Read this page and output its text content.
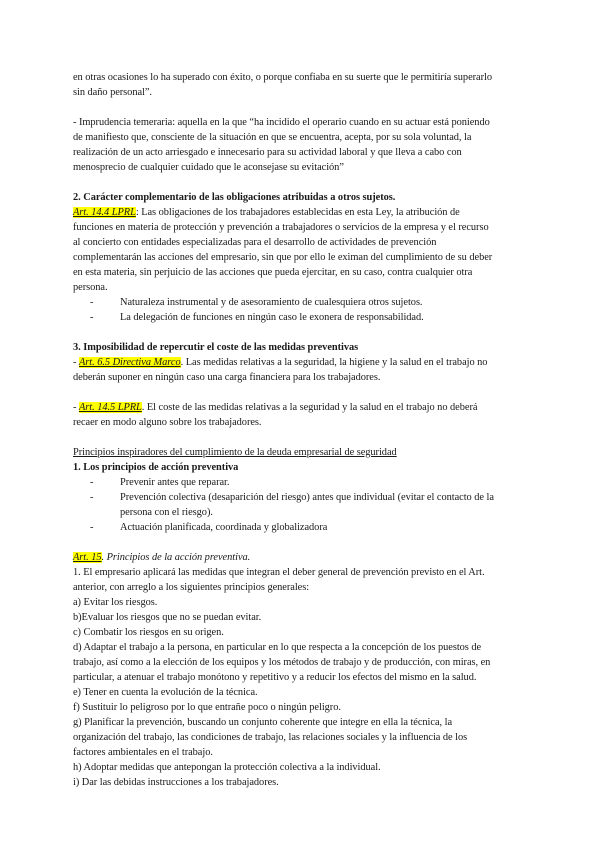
en otras ocasiones lo ha superado con éxito, o porque confiaba en su suerte que le permitiría superarlo

sin daño personal”.

- Imprudencia temeraria: aquella en la que “ha incidido el operario cuando en su actuar está poniendo

de manifiesto que, consciente de la situación en que se encuentra, acepta, por su sola voluntad, la

realización de un acto arriesgado e innecesario para su actividad laboral y que lleva a cabo con

menosprecio de cualquier cuidado que le aconsejase su evitación”

2. Carácter complementario de las obligaciones atribuidas a otros sujetos.

Art. 14.4 LPRL: Las obligaciones de los trabajadores establecidas en esta Ley, la atribución de

funciones en materia de protección y prevención a trabajadores o servicios de la empresa y el recurso

al concierto con entidades especializadas para el desarrollo de actividades de prevención

complementarán las acciones del empresario, sin que por ello le eximan del cumplimiento de su deber

en esta materia, sin perjuicio de las acciones que pueda ejercitar, en su caso, contra cualquier otra

persona.

-	Naturaleza instrumental y de asesoramiento de cualesquiera otros sujetos.
-	La delegación de funciones en ningún caso le exonera de responsabilidad.

3. Imposibilidad de repercutir el coste de las medidas preventivas

- Art. 6.5 Directiva Marco. Las medidas relativas a la seguridad, la higiene y la salud en el trabajo no

deberán suponer en ningún caso una carga financiera para los trabajadores.

- Art. 14.5 LPRL. El coste de las medidas relativas a la seguridad y la salud en el trabajo no deberá

recaer en modo alguno sobre los trabajadores.

Principios inspiradores del cumplimiento de la deuda empresarial de seguridad

1. Los principios de acción preventiva

-	Prevenir antes que reparar.
-	Prevención colectiva (desaparición del riesgo) antes que individual (evitar el contacto de la
persona con el riesgo).
-	Actuación planificada, coordinada y globalizadora

Art. 15. Principios de la acción preventiva.

1. El empresario aplicará las medidas que integran el deber general de prevención previsto en el Art.

anterior, con arreglo a los siguientes principios generales:

a) Evitar los riesgos.

b)Evaluar los riesgos que no se puedan evitar.

c) Combatir los riesgos en su origen.

d) Adaptar el trabajo a la persona, en particular en lo que respecta a la concepción de los puestos de

trabajo, así como a la elección de los equipos y los métodos de trabajo y de producción, con miras, en

particular, a atenuar el trabajo monótono y repetitivo y a reducir los efectos del mismo en la salud.

e) Tener en cuenta la evolución de la técnica.

f) Sustituir lo peligroso por lo que entrañe poco o ningún peligro.

g) Planificar la prevención, buscando un conjunto coherente que integre en ella la técnica, la

organización del trabajo, las condiciones de trabajo, las relaciones sociales y la influencia de los

factores ambientales en el trabajo.

h) Adoptar medidas que antepongan la protección colectiva a la individual.

i) Dar las debidas instrucciones a los trabajadores.
